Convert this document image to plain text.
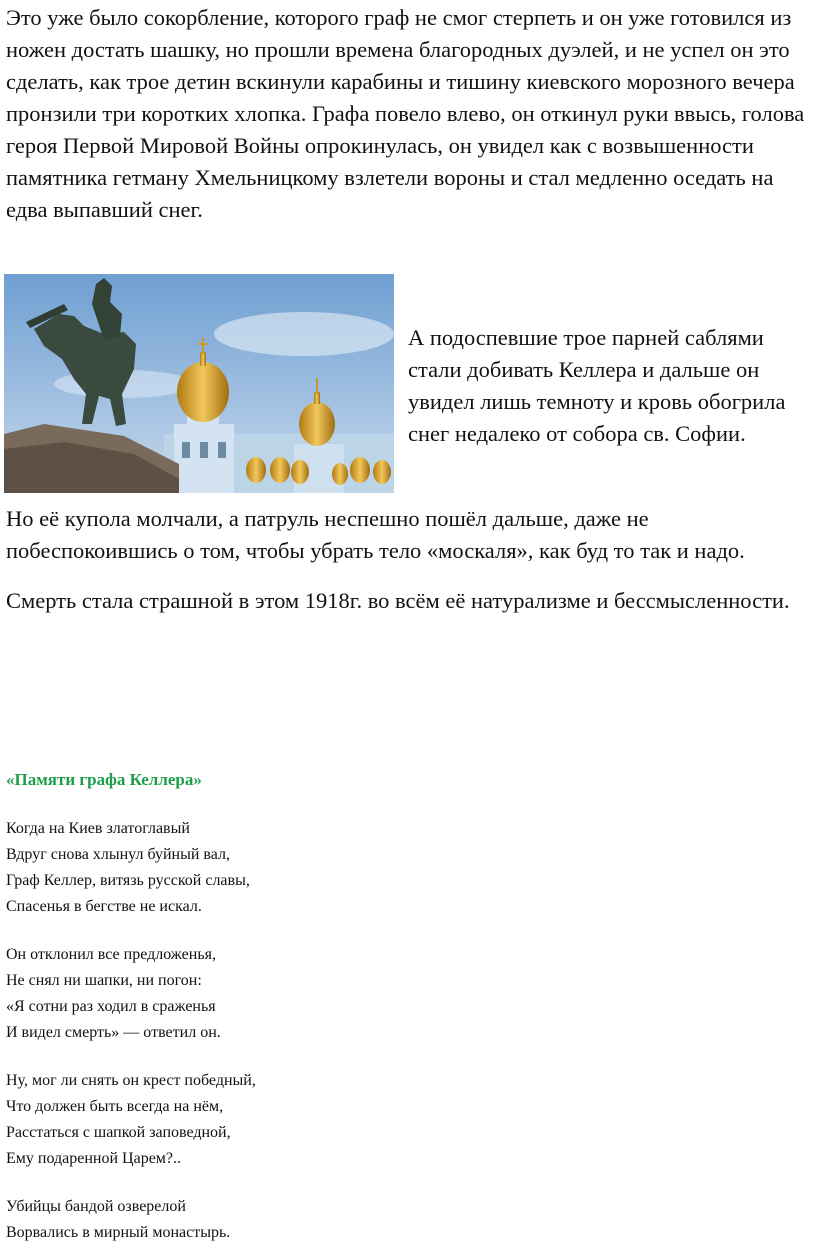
Это уже было сокорбление, которого граф не смог стерпеть и он уже готовился из ножен достать шашку, но прошли времена благородных дуэлей, и не успел он это сделать, как трое детин вскинули карабины и тишину киевского морозного вечера пронзили три коротких хлопка. Графа повело влево, он откинул руки ввысь, голова героя Первой Мировой Войны опрокинулась, он увидел как с возвышенности памятника гетману Хмельницкому взлетели вороны и стал медленно оседать на едва выпавший снег.

А подоспевшие трое парней саблями стали добивать Келлера и дальше он увидел лишь темноту и кровь обогрила снег недалеко от собора св. Софии.

Но её купола молчали, а патруль неспешно пошёл дальше, даже не побеспокоившись о том, чтобы убрать тело «москаля», как буд то так и надо.

Смерть стала страшной в этом 1918г. во всём её натурализме и бессмысленности.

«Памяти графа Келлера»

Когда на Киев златоглавый
Вдруг снова хлынул буйный вал,
Граф Келлер, витязь русской славы,
Спасенья в бегстве не искал.

Он отклонил все предложенья,
Не снял ни шапки, ни погон:
«Я сотни раз ходил в сраженья
И видел смерть» — ответил он.

Ну, мог ли снять он крест победный,
Что должен быть всегда на нём,
Расстаться с шапкой заповедной,
Ему подаренной Царем?..

Убийцы бандой озверелой
Ворвались в мирный монастырь.
